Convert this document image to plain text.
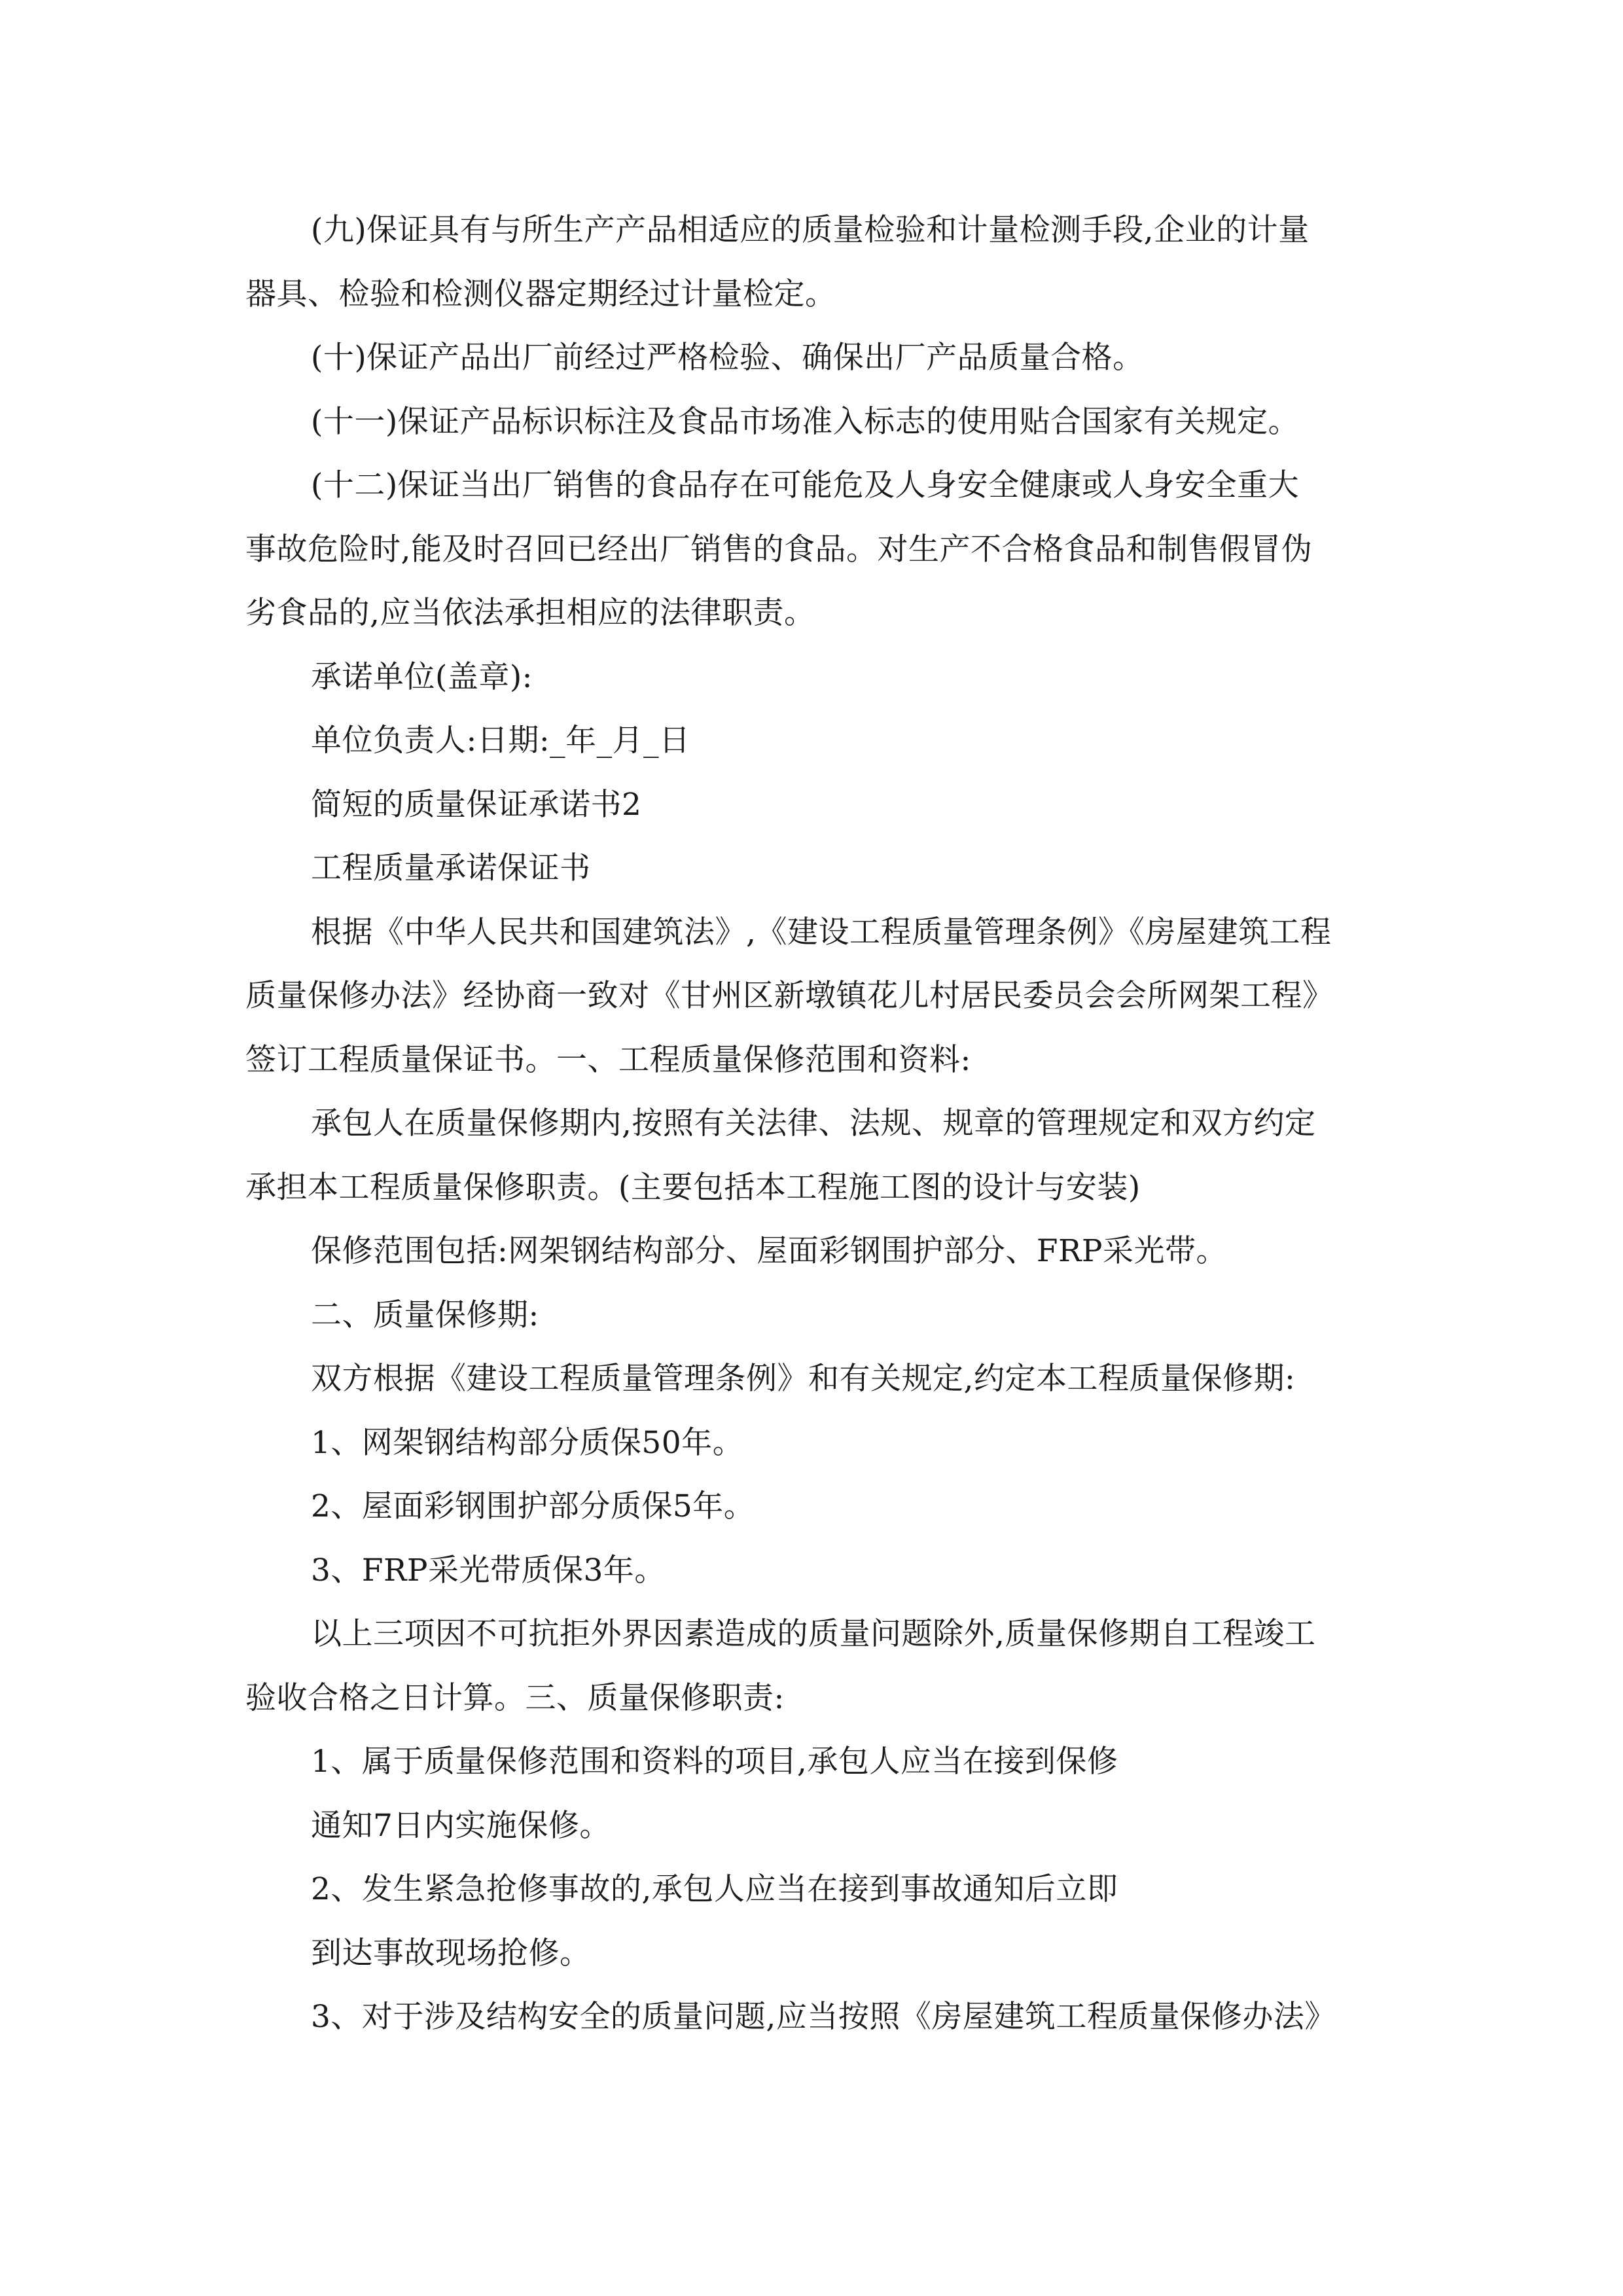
(九)保证具有与所生产产品相适应的质量检验和计量检测手段,企业的计量

器具、检验和检测仪器定期经过计量检定。

(十)保证产品出厂前经过严格检验、确保出厂产品质量合格。

(十一)保证产品标识标注及食品市场准入标志的使用贴合国家有关规定。

(十二)保证当出厂销售的食品存在可能危及人身安全健康或人身安全重大

事故危险时,能及时召回已经出厂销售的食品。对生产不合格食品和制售假冒伪

劣食品的,应当依法承担相应的法律职责。

承诺单位(盖章):

单位负责人:日期:_年_月_日

简短的质量保证承诺书2

工程质量承诺保证书

根据《中华人民共和国建筑法》,《建设工程质量管理条例》《房屋建筑工程

质量保修办法》经协商一致对《甘州区新墩镇花儿村居民委员会会所网架工程》

签订工程质量保证书。一、工程质量保修范围和资料:

承包人在质量保修期内,按照有关法律、法规、规章的管理规定和双方约定

承担本工程质量保修职责。(主要包括本工程施工图的设计与安装)

保修范围包括:网架钢结构部分、屋面彩钢围护部分、FRP采光带。

二、质量保修期:

双方根据《建设工程质量管理条例》和有关规定,约定本工程质量保修期:

1、网架钢结构部分质保50年。

2、屋面彩钢围护部分质保5年。

3、FRP采光带质保3年。

以上三项因不可抗拒外界因素造成的质量问题除外,质量保修期自工程竣工

验收合格之日计算。三、质量保修职责:

1、属于质量保修范围和资料的项目,承包人应当在接到保修

通知7日内实施保修。

2、发生紧急抢修事故的,承包人应当在接到事故通知后立即

到达事故现场抢修。

3、对于涉及结构安全的质量问题,应当按照《房屋建筑工程质量保修办法》
